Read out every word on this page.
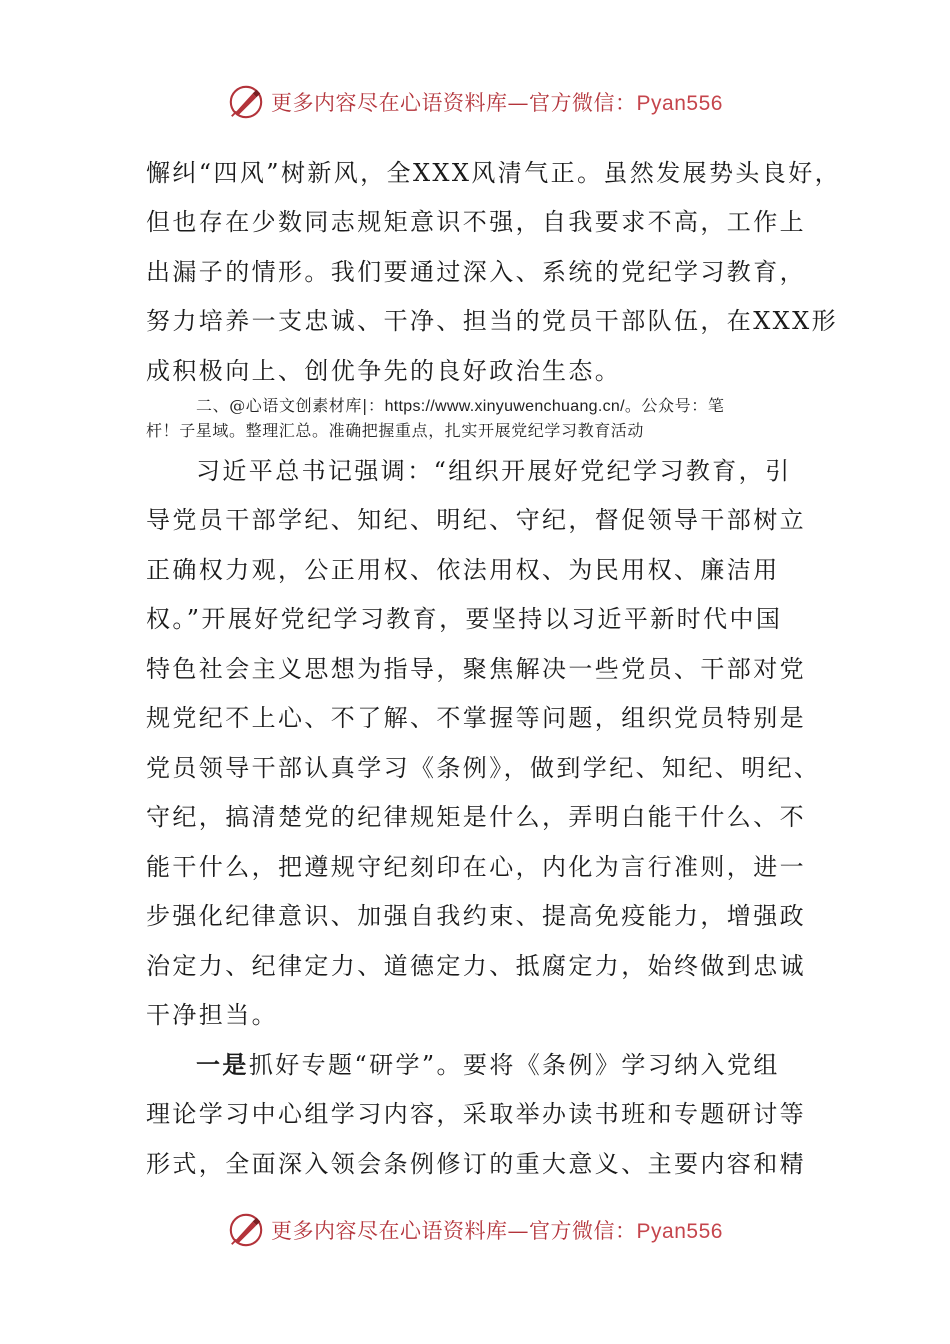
更多内容尽在心语资料库—官方微信：Pyan556
懈纠“四风”树新风，全XXX风清气正。虽然发展势头良好，
但也存在少数同志规矩意识不强，自我要求不高，工作上
出漏子的情形。我们要通过深入、系统的党纪学习教育，
努力培养一支忠诚、干净、担当的党员干部队伍，在XXX形
成积极向上、创优争先的良好政治生态。
二、@心语文创素材库|：https://www.xinyuwenchuang.cn/。公众号：笔
杆！子星域。整理汇总。准确把握重点，扎实开展党纪学习教育活动
习近平总书记强调：“组织开展好党纪学习教育，引
导党员干部学纪、知纪、明纪、守纪，督促领导干部树立
正确权力观，公正用权、依法用权、为民用权、廉洁用
权。”开展好党纪学习教育，要坚持以习近平新时代中国
特色社会主义思想为指导，聚焦解决一些党员、干部对党
规党纪不上心、不了解、不掌握等问题，组织党员特别是
党员领导干部认真学习《条例》，做到学纪、知纪、明纪、
守纪，搞清楚党的纪律规矩是什么，弄明白能干什么、不
能干什么，把遵规守纪刻印在心，内化为言行准则，进一
步强化纪律意识、加强自我约束、提高免疫能力，增强政
治定力、纪律定力、道德定力、抵腐定力，始终做到忠诚
干净担当。
一是抓好专题“研学”。要将《条例》学习纳入党组
理论学习中心组学习内容，采取举办读书班和专题研讨等
形式，全面深入领会条例修订的重大意义、主要内容和精
更多内容尽在心语资料库—官方微信：Pyan556
